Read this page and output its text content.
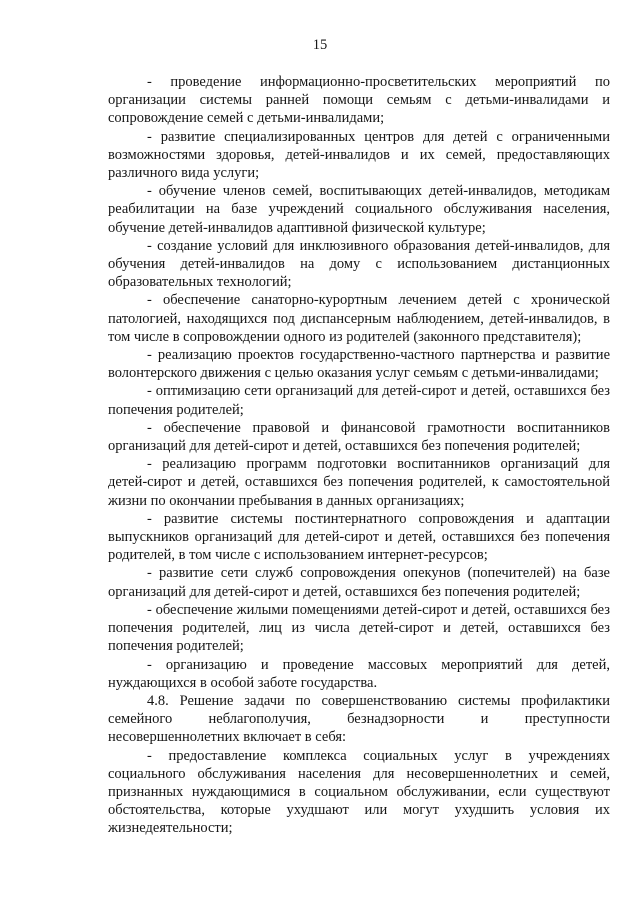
15

- проведение информационно-просветительских мероприятий по организации системы ранней помощи семьям с детьми-инвалидами и сопровождение семей с детьми-инвалидами;

- развитие специализированных центров для детей с ограниченными возможностями здоровья, детей-инвалидов и их семей, предоставляющих различного вида услуги;

- обучение членов семей, воспитывающих детей-инвалидов, методикам реабилитации на базе учреждений социального обслуживания населения, обучение детей-инвалидов адаптивной физической культуре;

- создание условий для инклюзивного образования детей-инвалидов, для обучения детей-инвалидов на дому с использованием дистанционных образовательных технологий;

- обеспечение санаторно-курортным лечением детей с хронической патологией, находящихся под диспансерным наблюдением, детей-инвалидов, в том числе в сопровождении одного из родителей (законного представителя);

- реализацию проектов государственно-частного партнерства и развитие волонтерского движения с целью оказания услуг семьям с детьми-инвалидами;

- оптимизацию сети организаций для детей-сирот и детей, оставшихся без попечения родителей;

- обеспечение правовой и финансовой грамотности воспитанников организаций для детей-сирот и детей, оставшихся без попечения родителей;

- реализацию программ подготовки воспитанников организаций для детей-сирот и детей, оставшихся без попечения родителей, к самостоятельной жизни по окончании пребывания в данных организациях;

- развитие системы постинтернатного сопровождения и адаптации выпускников организаций для детей-сирот и детей, оставшихся без попечения родителей, в том числе с использованием интернет-ресурсов;

- развитие сети служб сопровождения опекунов (попечителей) на базе организаций для детей-сирот и детей, оставшихся без попечения родителей;

- обеспечение жилыми помещениями детей-сирот и детей, оставшихся без попечения родителей, лиц из числа детей-сирот и детей, оставшихся без попечения родителей;

- организацию и проведение массовых мероприятий для детей, нуждающихся в особой заботе государства.

4.8. Решение задачи по совершенствованию системы профилактики семейного неблагополучия, безнадзорности и преступности несовершеннолетних включает в себя:

- предоставление комплекса социальных услуг в учреждениях социального обслуживания населения для несовершеннолетних и семей, признанных нуждающимися в социальном обслуживании, если существуют обстоятельства, которые ухудшают или могут ухудшить условия их жизнедеятельности;
